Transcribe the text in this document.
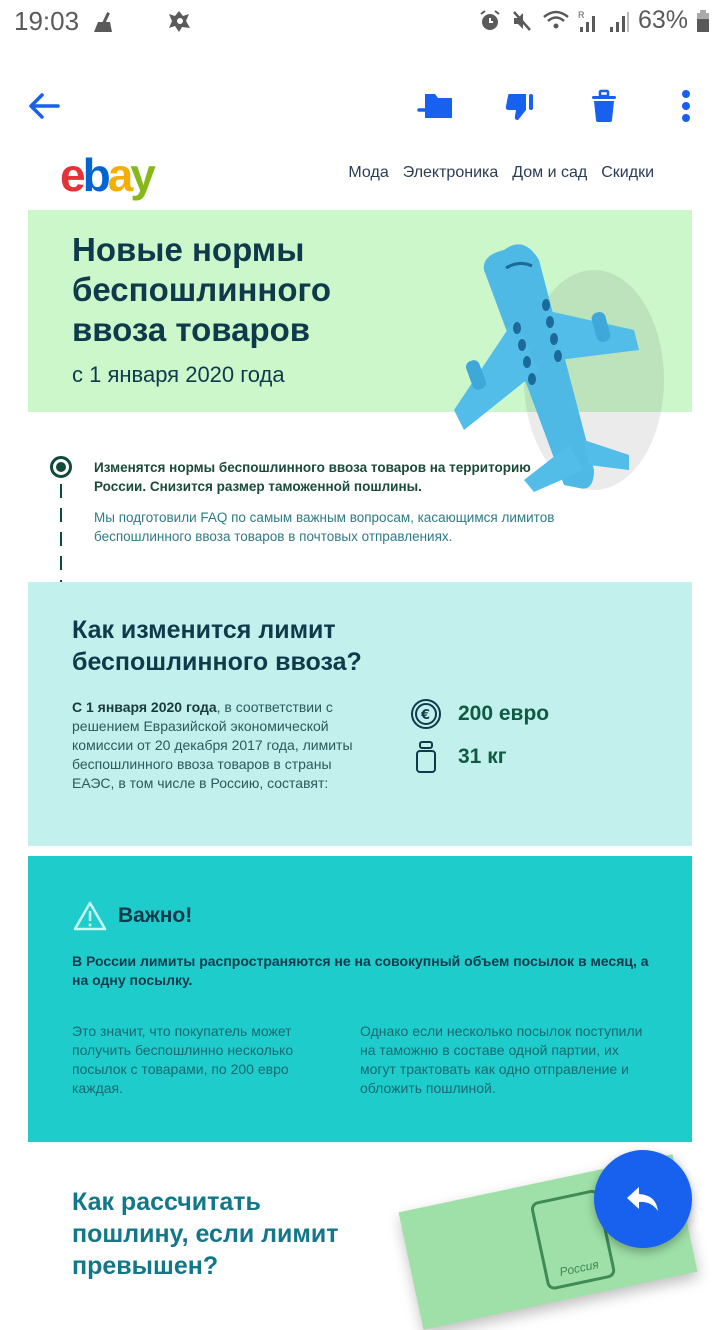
19:03	R 63%
ebay	Мода Электроника Дом и сад Скидки
Новые нормы беспошлинного ввоза товаров
с 1 января 2020 года
Изменятся нормы беспошлинного ввоза товаров на территорию России. Снизится размер таможенной пошлины.
Мы подготовили FAQ по самым важным вопросам, касающимся лимитов беспошлинного ввоза товаров в почтовых отправлениях.
Как изменится лимит беспошлинного ввоза?
С 1 января 2020 года, в соответствии с решением Евразийской экономической комиссии от 20 декабря 2017 года, лимиты беспошлинного ввоза товаров в страны ЕАЭС, в том числе в Россию, составят:
€ 200 евро
31 кг
Важно!
В России лимиты распространяются не на совокупный объем посылок в месяц, а на одну посылку.
Это значит, что покупатель может получить беспошлинно несколько посылок с товарами, по 200 евро каждая.
Однако если несколько посылок поступили на таможню в составе одной партии, их могут трактовать как одно отправление и обложить пошлиной.
Как рассчитать пошлину, если лимит превышен?	Россия
